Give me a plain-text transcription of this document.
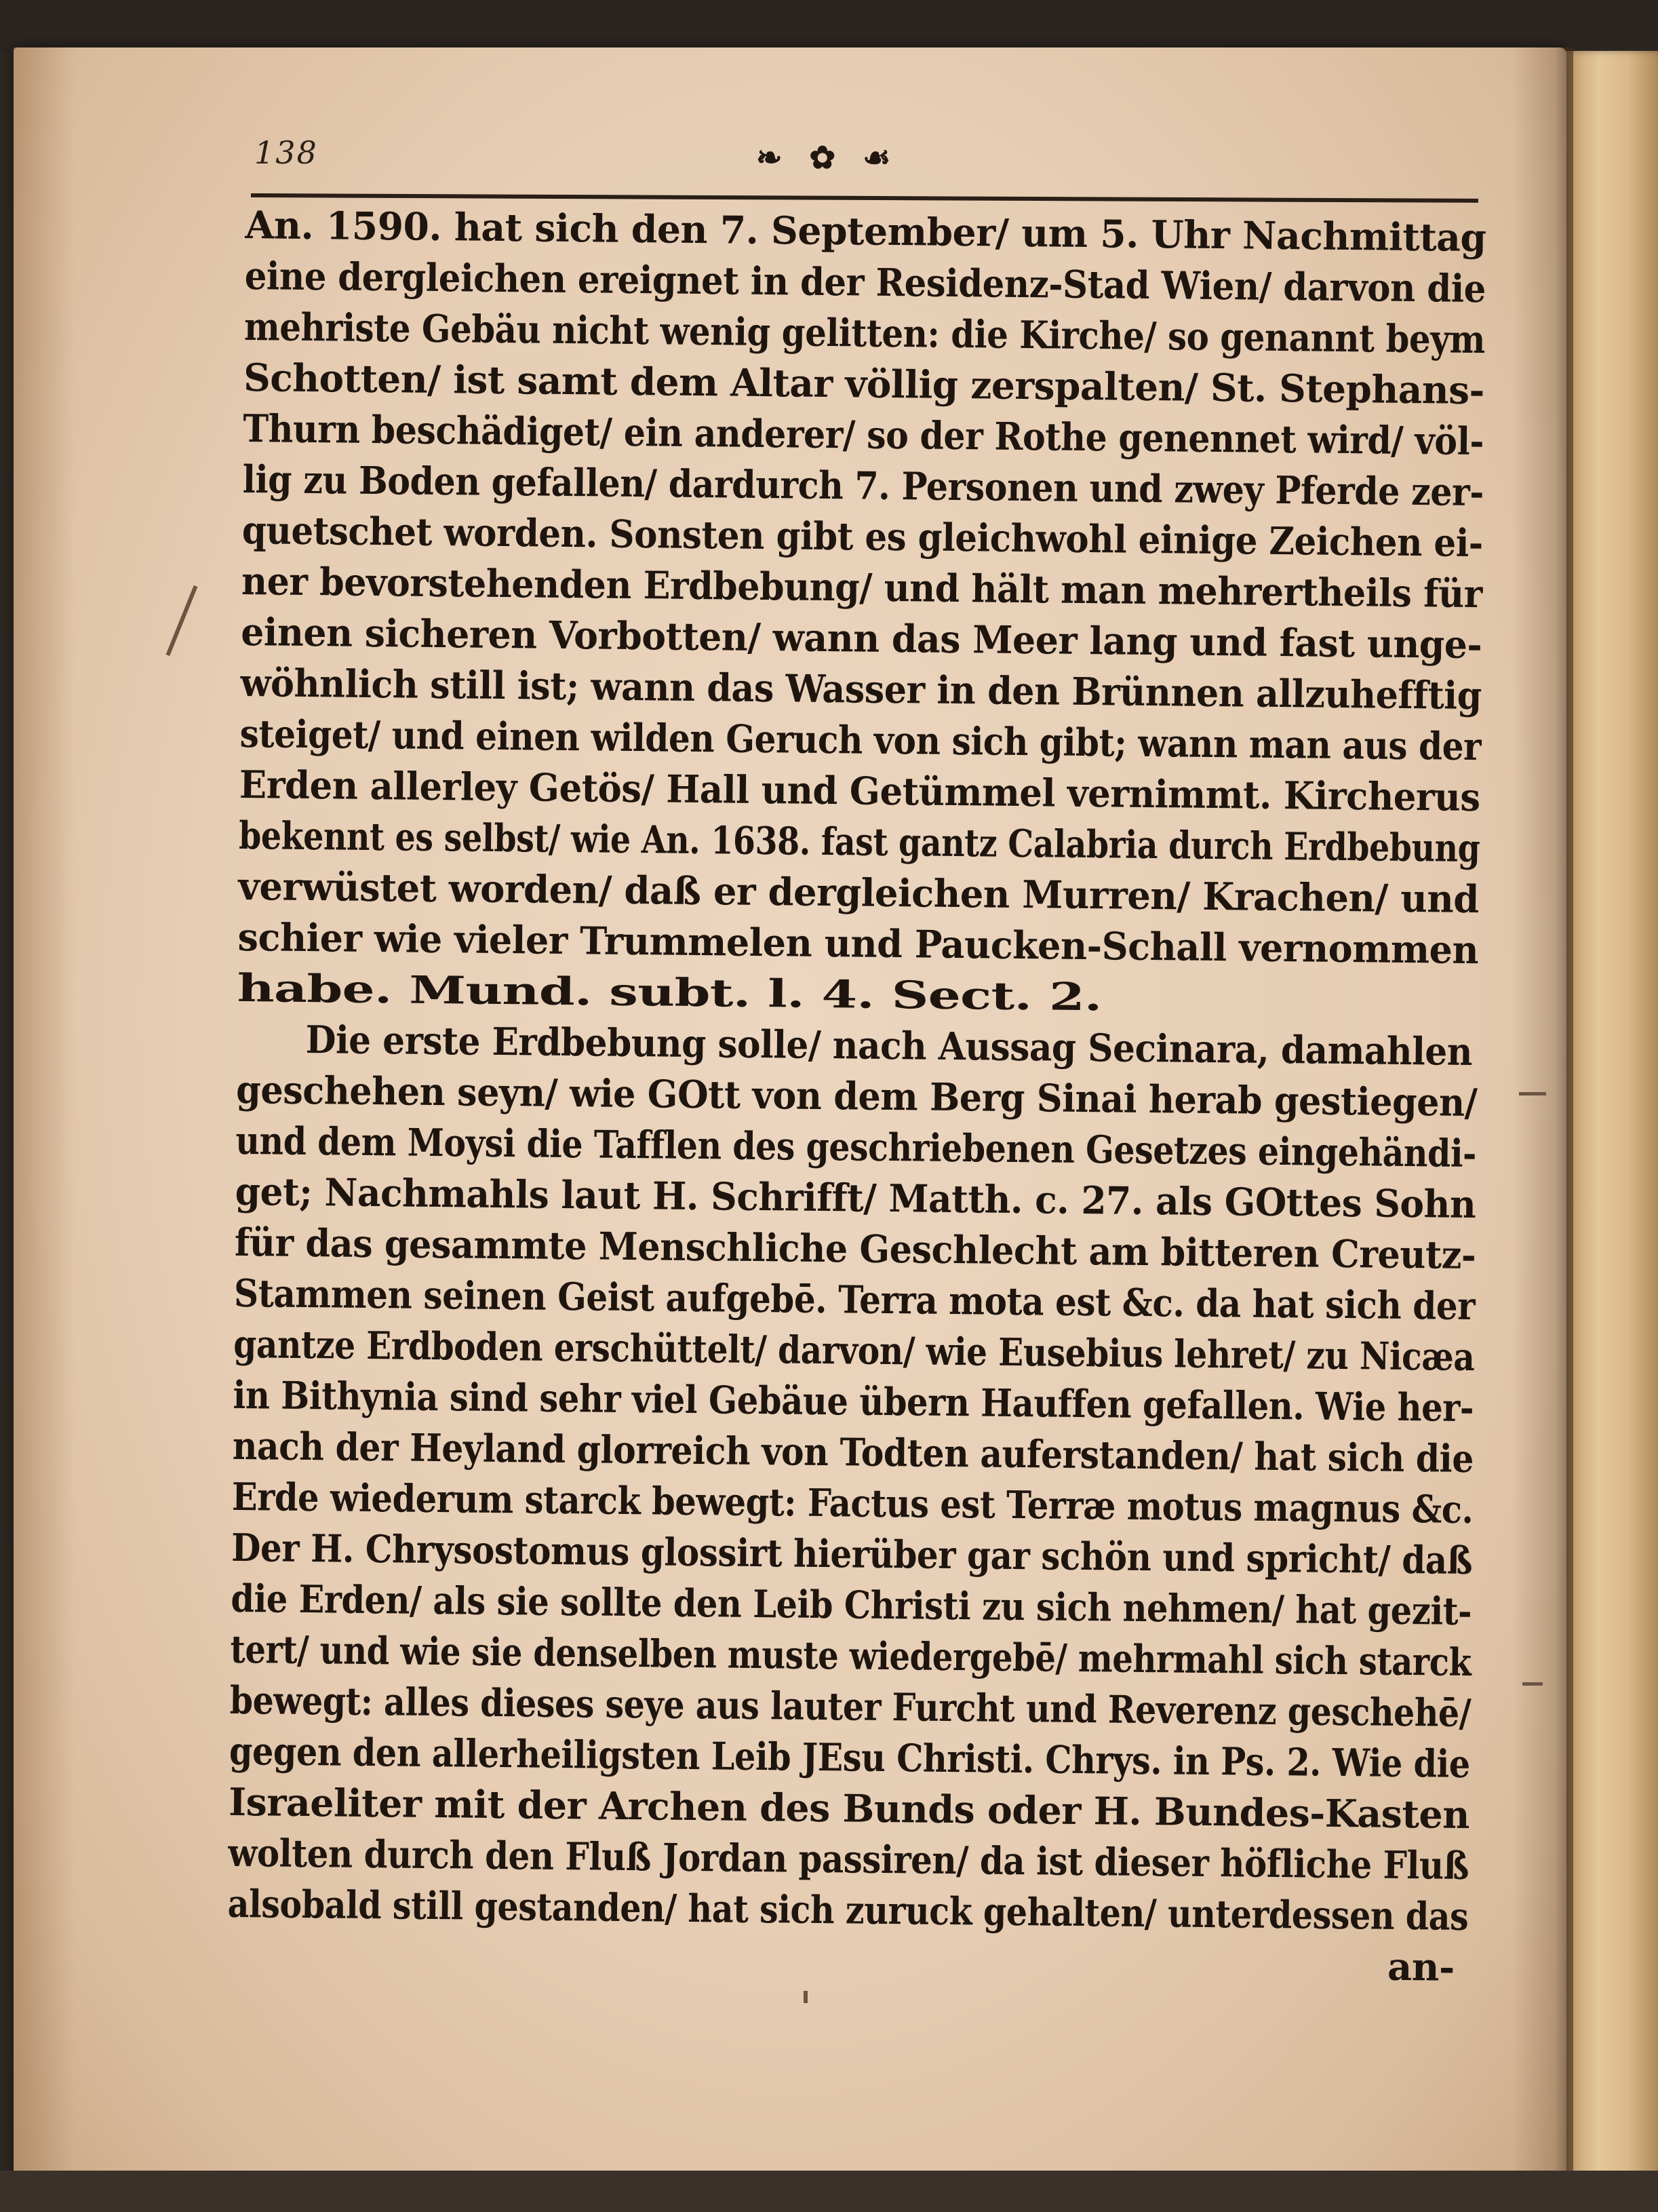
138	❧ ✿ ☙
An. 1590. hat sich den 7. September/ um 5. Uhr Nachmittag
eine dergleichen ereignet in der Residenz-Stad Wien/ darvon die
mehriste Gebäu nicht wenig gelitten: die Kirche/ so genannt beym
Schotten/ ist samt dem Altar völlig zerspalten/ St. Stephans-
Thurn beschädiget/ ein anderer/ so der Rothe genennet wird/ völ-
lig zu Boden gefallen/ dardurch 7. Personen und zwey Pferde zer-
quetschet worden. Sonsten gibt es gleichwohl einige Zeichen ei-
ner bevorstehenden Erdbebung/ und hält man mehrertheils für
einen sicheren Vorbotten/ wann das Meer lang und fast unge-
wöhnlich still ist; wann das Wasser in den Brünnen allzuhefftig
steiget/ und einen wilden Geruch von sich gibt; wann man aus der
Erden allerley Getös/ Hall und Getümmel vernimmt. Kircherus
bekennt es selbst/ wie An. 1638. fast gantz Calabria durch Erdbebung
verwüstet worden/ daß er dergleichen Murren/ Krachen/ und
schier wie vieler Trummelen und Paucken-Schall vernommen
habe. Mund. subt. l. 4. Sect. 2.
Die erste Erdbebung solle/ nach Aussag Secinara, damahlen
geschehen seyn/ wie GOtt von dem Berg Sinai herab gestiegen/
und dem Moysi die Tafflen des geschriebenen Gesetzes eingehändi-
get; Nachmahls laut H. Schrifft/ Matth. c. 27. als GOttes Sohn
für das gesammte Menschliche Geschlecht am bitteren Creutz-
Stammen seinen Geist aufgebē. Terra mota est &c. da hat sich der
gantze Erdboden erschüttelt/ darvon/ wie Eusebius lehret/ zu Nicæa
in Bithynia sind sehr viel Gebäue übern Hauffen gefallen. Wie her-
nach der Heyland glorreich von Todten auferstanden/ hat sich die
Erde wiederum starck bewegt: Factus est Terræ motus magnus &c.
Der H. Chrysostomus glossirt hierüber gar schön und spricht/ daß
die Erden/ als sie sollte den Leib Christi zu sich nehmen/ hat gezit-
tert/ und wie sie denselben muste wiedergebē/ mehrmahl sich starck
bewegt: alles dieses seye aus lauter Furcht und Reverenz geschehē/
gegen den allerheiligsten Leib JEsu Christi. Chrys. in Ps. 2. Wie die
Israeliter mit der Archen des Bunds oder H. Bundes-Kasten
wolten durch den Fluß Jordan passiren/ da ist dieser höfliche Fluß
alsobald still gestanden/ hat sich zuruck gehalten/ unterdessen das
an-
